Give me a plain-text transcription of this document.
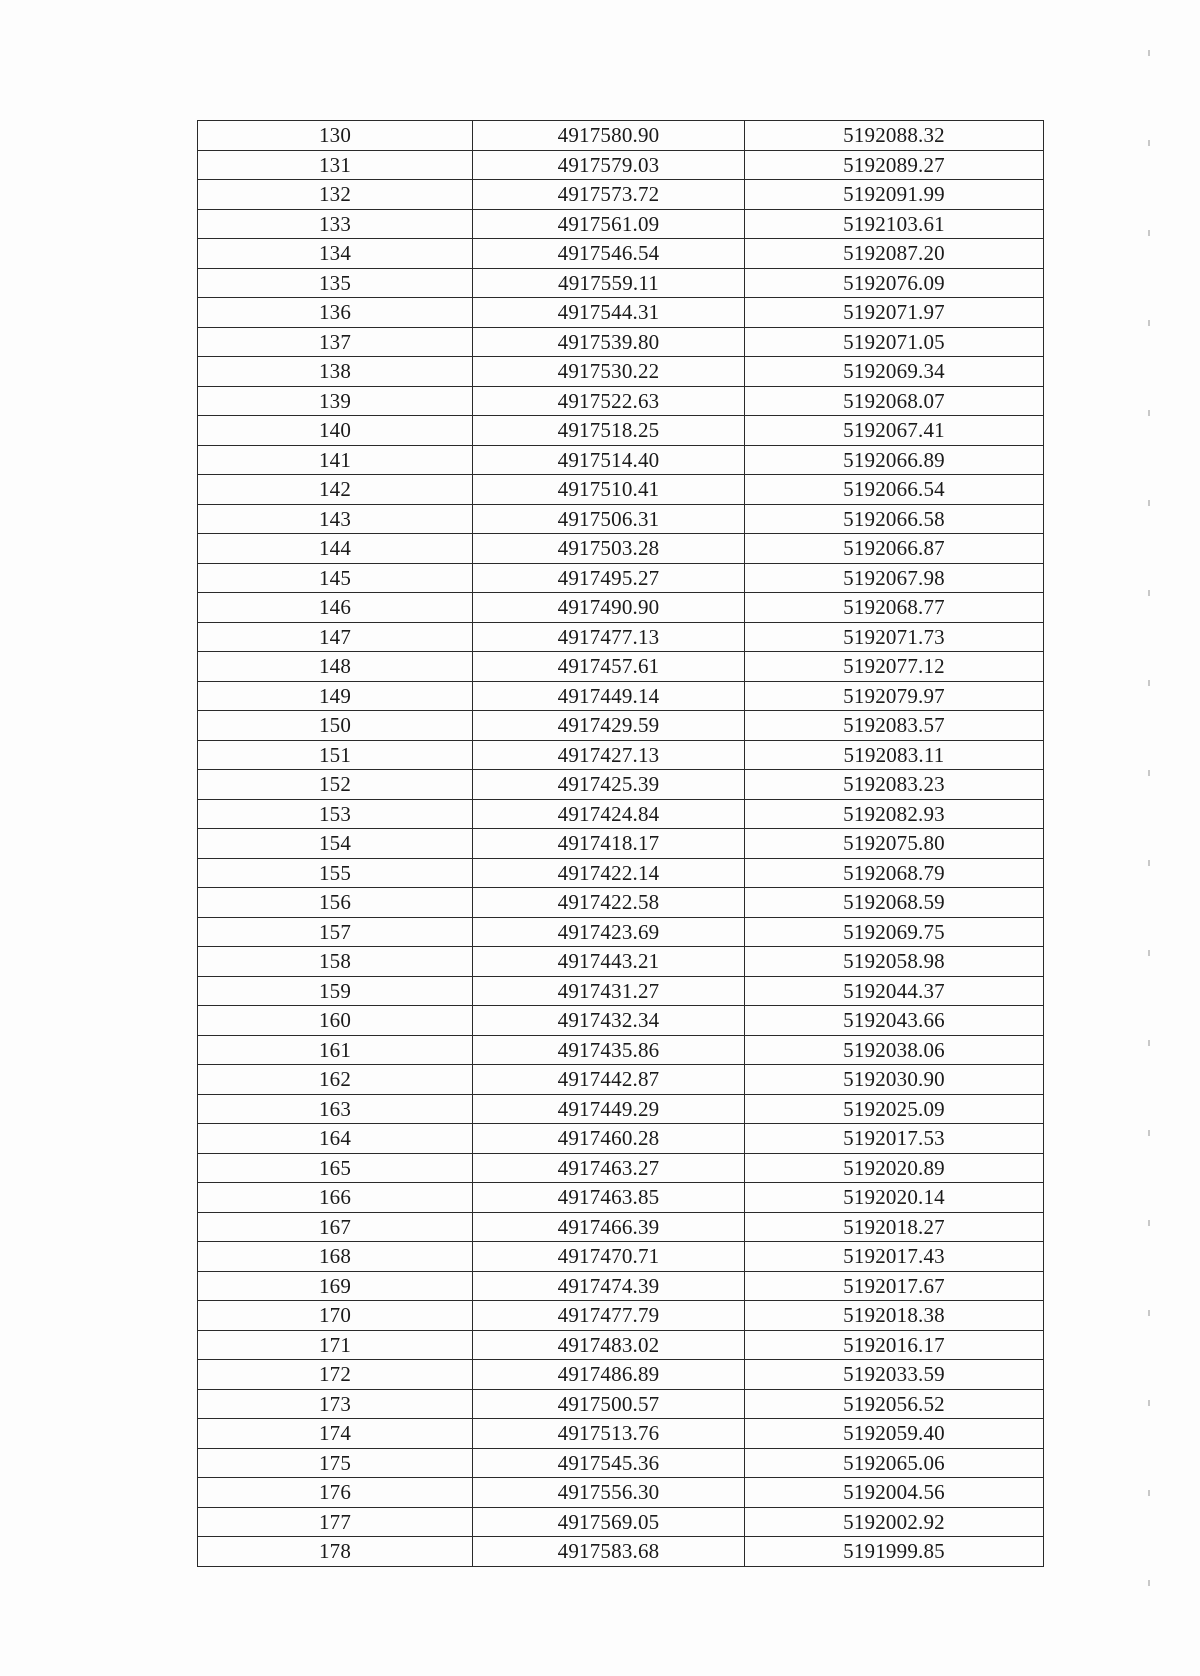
130	4917580.90	5192088.32
131	4917579.03	5192089.27
132	4917573.72	5192091.99
133	4917561.09	5192103.61
134	4917546.54	5192087.20
135	4917559.11	5192076.09
136	4917544.31	5192071.97
137	4917539.80	5192071.05
138	4917530.22	5192069.34
139	4917522.63	5192068.07
140	4917518.25	5192067.41
141	4917514.40	5192066.89
142	4917510.41	5192066.54
143	4917506.31	5192066.58
144	4917503.28	5192066.87
145	4917495.27	5192067.98
146	4917490.90	5192068.77
147	4917477.13	5192071.73
148	4917457.61	5192077.12
149	4917449.14	5192079.97
150	4917429.59	5192083.57
151	4917427.13	5192083.11
152	4917425.39	5192083.23
153	4917424.84	5192082.93
154	4917418.17	5192075.80
155	4917422.14	5192068.79
156	4917422.58	5192068.59
157	4917423.69	5192069.75
158	4917443.21	5192058.98
159	4917431.27	5192044.37
160	4917432.34	5192043.66
161	4917435.86	5192038.06
162	4917442.87	5192030.90
163	4917449.29	5192025.09
164	4917460.28	5192017.53
165	4917463.27	5192020.89
166	4917463.85	5192020.14
167	4917466.39	5192018.27
168	4917470.71	5192017.43
169	4917474.39	5192017.67
170	4917477.79	5192018.38
171	4917483.02	5192016.17
172	4917486.89	5192033.59
173	4917500.57	5192056.52
174	4917513.76	5192059.40
175	4917545.36	5192065.06
176	4917556.30	5192004.56
177	4917569.05	5192002.92
178	4917583.68	5191999.85
